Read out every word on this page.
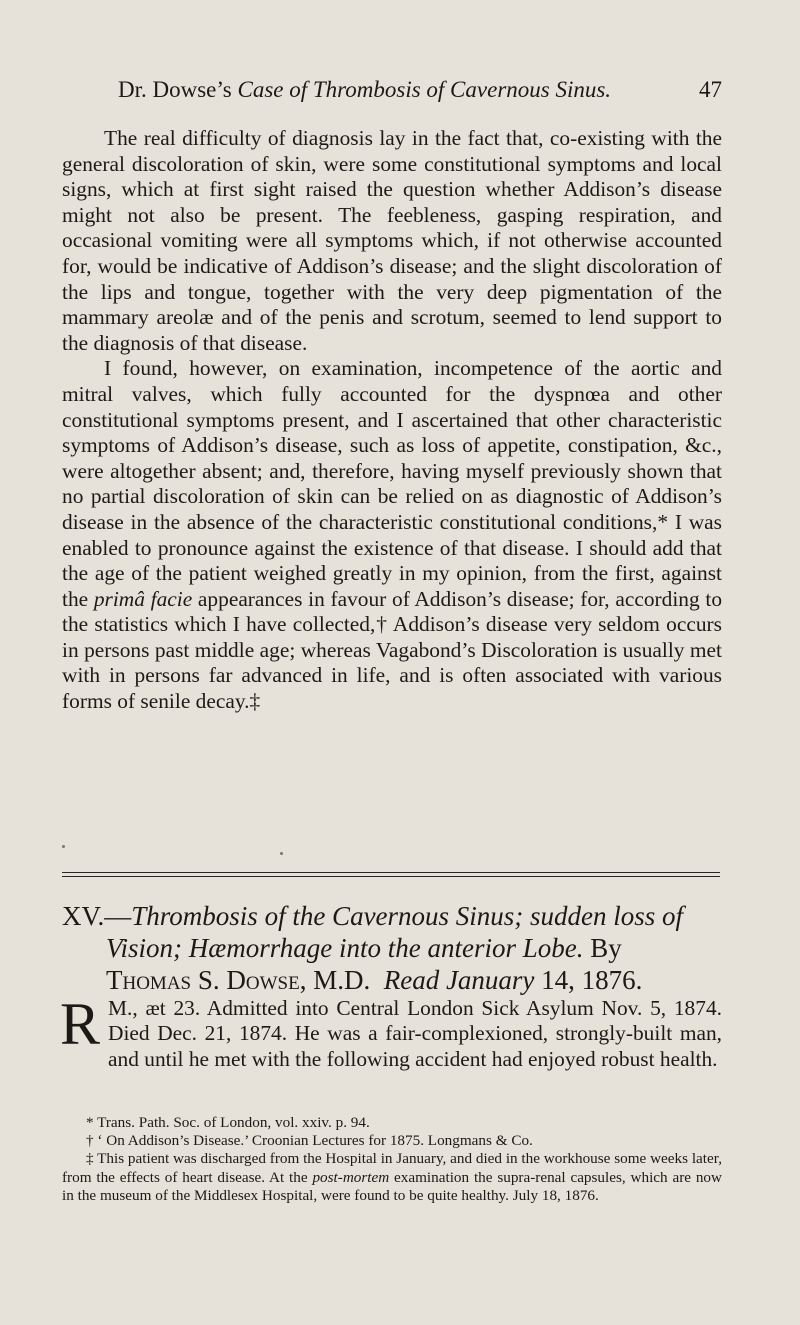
Dr. Dowse’s Case of Thrombosis of Cavernous Sinus.	47

The real difficulty of diagnosis lay in the fact that, co-existing with the general discoloration of skin, were some constitutional symptoms and local signs, which at first sight raised the question whether Addison’s disease might not also be present. The feebleness, gasping respiration, and occasional vomiting were all symptoms which, if not otherwise accounted for, would be indicative of Addison’s disease; and the slight discoloration of the lips and tongue, together with the very deep pigmentation of the mammary areolæ and of the penis and scrotum, seemed to lend support to the diagnosis of that disease.

I found, however, on examination, incompetence of the aortic and mitral valves, which fully accounted for the dyspnœa and other constitutional symptoms present, and I ascertained that other characteristic symptoms of Addison’s disease, such as loss of appetite, constipation, &c., were altogether absent; and, therefore, having myself previously shown that no partial discoloration of skin can be relied on as diagnostic of Addison’s disease in the absence of the characteristic constitutional conditions,* I was enabled to pronounce against the existence of that disease. I should add that the age of the patient weighed greatly in my opinion, from the first, against the primâ facie appearances in favour of Addison’s disease; for, according to the statistics which I have collected,† Addison’s disease very seldom occurs in persons past middle age; whereas Vagabond’s Discoloration is usually met with in persons far advanced in life, and is often associated with various forms of senile decay.‡

XV.—Thrombosis of the Cavernous Sinus; sudden loss of
Vision; Hæmorrhage into the anterior Lobe. By
Thomas S. Dowse, M.D. Read January 14, 1876.
R M., æt 23. Admitted into Central London Sick Asylum Nov. 5, 1874. Died Dec. 21, 1874. He was a fair-complexioned, strongly-built man, and until he met with the following accident had enjoyed robust health.

* Trans. Path. Soc. of London, vol. xxiv. p. 94.

† ‘ On Addison’s Disease.’ Croonian Lectures for 1875. Longmans & Co.

‡ This patient was discharged from the Hospital in January, and died in the workhouse some weeks later, from the effects of heart disease. At the post-mortem examination the supra-renal capsules, which are now in the museum of the Middlesex Hospital, were found to be quite healthy. July 18, 1876.
